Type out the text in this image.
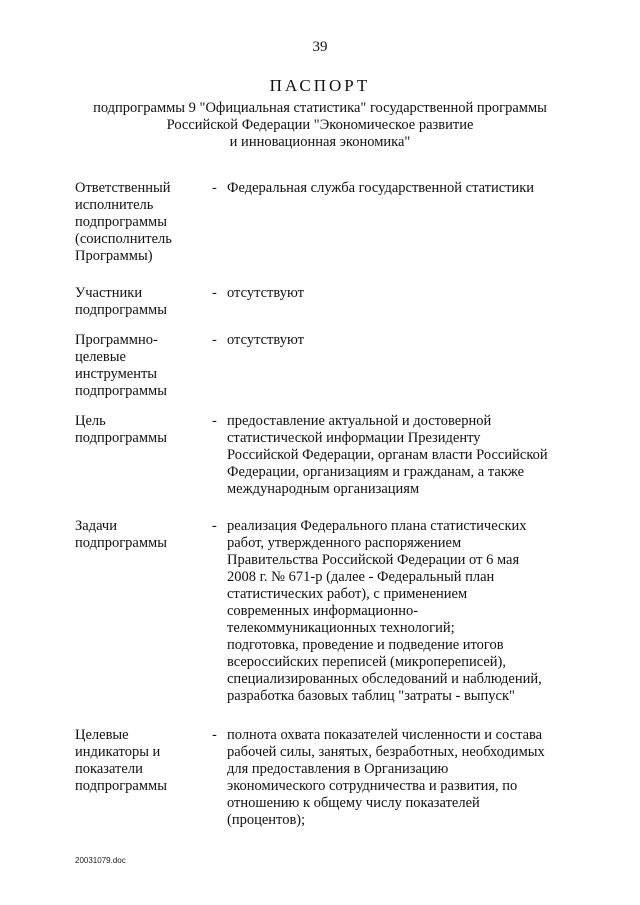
39
ПАСПОРТ
подпрограммы 9 "Официальная статистика" государственной программы
Российской Федерации "Экономическое развитие
и инновационная экономика"
Ответственный
исполнитель
подпрограммы
(соисполнитель
Программы)
- Федеральная служба государственной статистики
Участники
подпрограммы
- отсутствуют
Программно-
целевые
инструменты
подпрограммы
- отсутствуют
Цель
подпрограммы
- предоставление актуальной и достоверной
статистической информации Президенту
Российской Федерации, органам власти Российской
Федерации, организациям и гражданам, а также
международным организациям
Задачи
подпрограммы
- реализация Федерального плана статистических
работ, утвержденного распоряжением
Правительства Российской Федерации от 6 мая
2008 г. № 671-р (далее - Федеральный план
статистических работ), с применением
современных информационно-
телекоммуникационных технологий;
подготовка, проведение и подведение итогов
всероссийских переписей (микропереписей),
специализированных обследований и наблюдений,
разработка базовых таблиц "затраты - выпуск"
Целевые
индикаторы и
показатели
подпрограммы
- полнота охвата показателей численности и состава
рабочей силы, занятых, безработных, необходимых
для предоставления в Организацию
экономического сотрудничества и развития, по
отношению к общему числу показателей
(процентов);
20031079.doc
